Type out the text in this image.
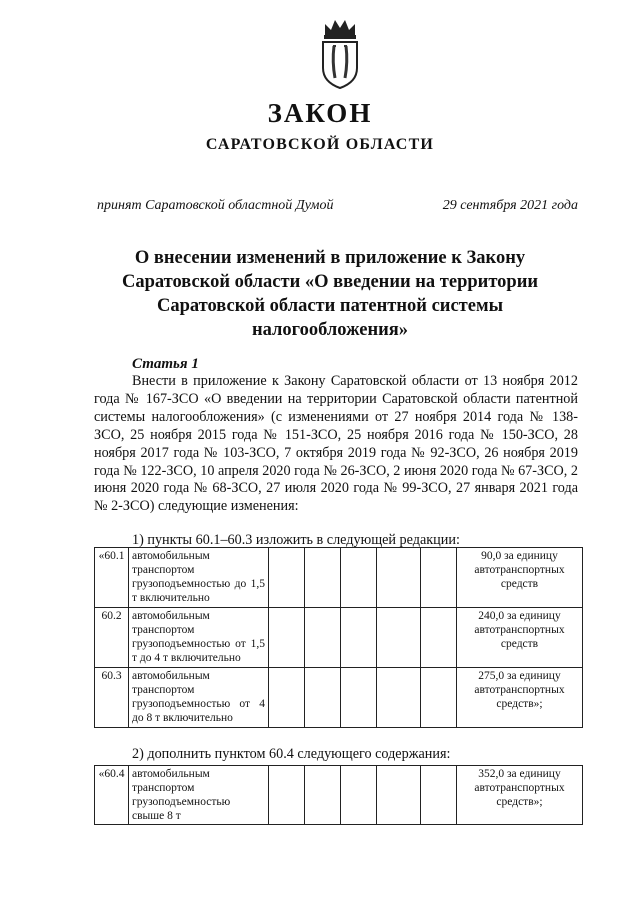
ЗАКОН
САРАТОВСКОЙ ОБЛАСТИ
принят Саратовской областной Думой	29 сентября 2021 года
О внесении изменений в приложение к Закону
Саратовской области «О введении на территории
Саратовской области патентной системы
налогообложения»
Статья 1

Внести в приложение к Закону Саратовской области от 13 ноября 2012 года № 167-ЗСО «О введении на территории Саратовской области патентной системы налогообложения» (с изменениями от 27 ноября 2014 года № 138-ЗСО, 25 ноября 2015 года № 151-ЗСО, 25 ноября 2016 года № 150-ЗСО, 28 ноября 2017 года № 103-ЗСО, 7 октября 2019 года № 92-ЗСО, 26 ноября 2019 года № 122-ЗСО, 10 апреля 2020 года № 26-ЗСО, 2 июня 2020 года № 67-ЗСО, 2 июня 2020 года № 68-ЗСО, 27 июля 2020 года № 99-ЗСО, 27 января 2021 года № 2-ЗСО) следующие изменения:

1) пункты 60.1–60.3 изложить в следующей редакции:
«60.1	автомобильным транспортом грузоподъемностью до 1,5 т включительно						90,0 за единицу автотранспортных средств
60.2	автомобильным транспортом грузоподъемностью от 1,5 т до 4 т включительно						240,0 за единицу автотранспортных средств
60.3	автомобильным транспортом грузоподъемностью от 4 до 8 т включительно						275,0 за единицу автотранспортных средств»;
2) дополнить пунктом 60.4 следующего содержания:
«60.4	автомобильным транспортом грузоподъемностью свыше 8 т						352,0 за единицу автотранспортных средств»;
